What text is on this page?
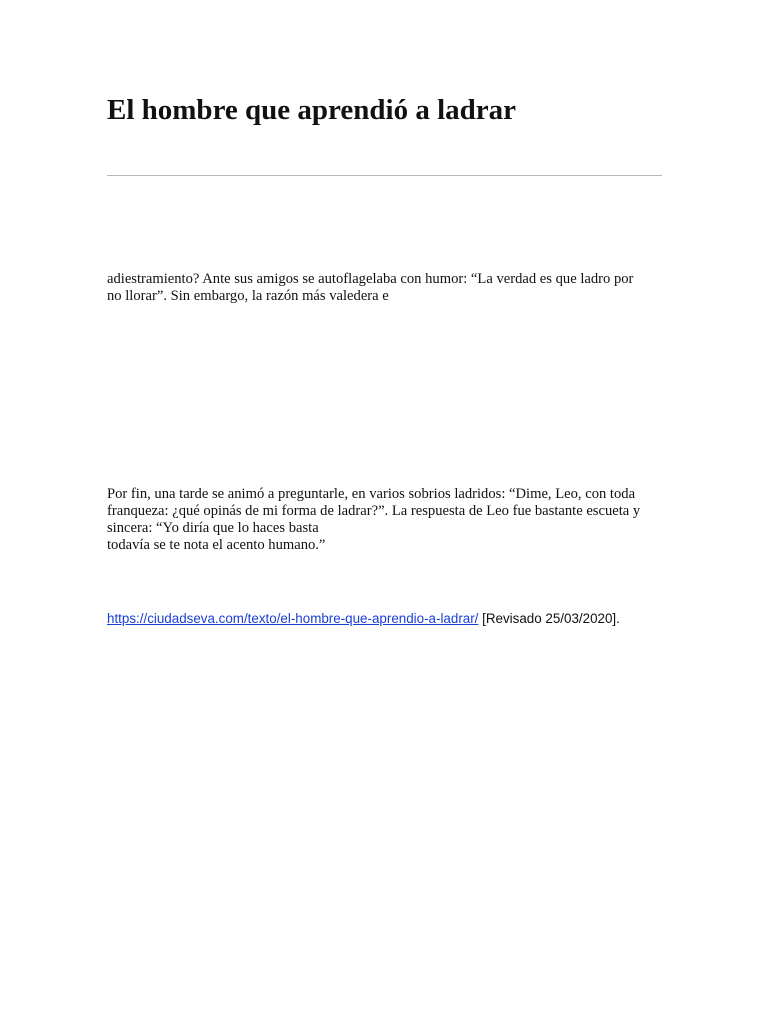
El hombre que aprendió a ladrar

adiestramiento? Ante sus amigos se autoflagelaba con humor: “La verdad es que ladro por
no llorar”. Sin embargo, la razón más valedera e

Por fin, una tarde se animó a preguntarle, en varios sobrios ladridos: “Dime, Leo, con toda
franqueza: ¿qué opinás de mi forma de ladrar?”. La respuesta de Leo fue bastante escueta y
sincera: “Yo diría que lo haces basta
todavía se te nota el acento humano.”

https://ciudadseva.com/texto/el-hombre-que-aprendio-a-ladrar/ [Revisado 25/03/2020].
